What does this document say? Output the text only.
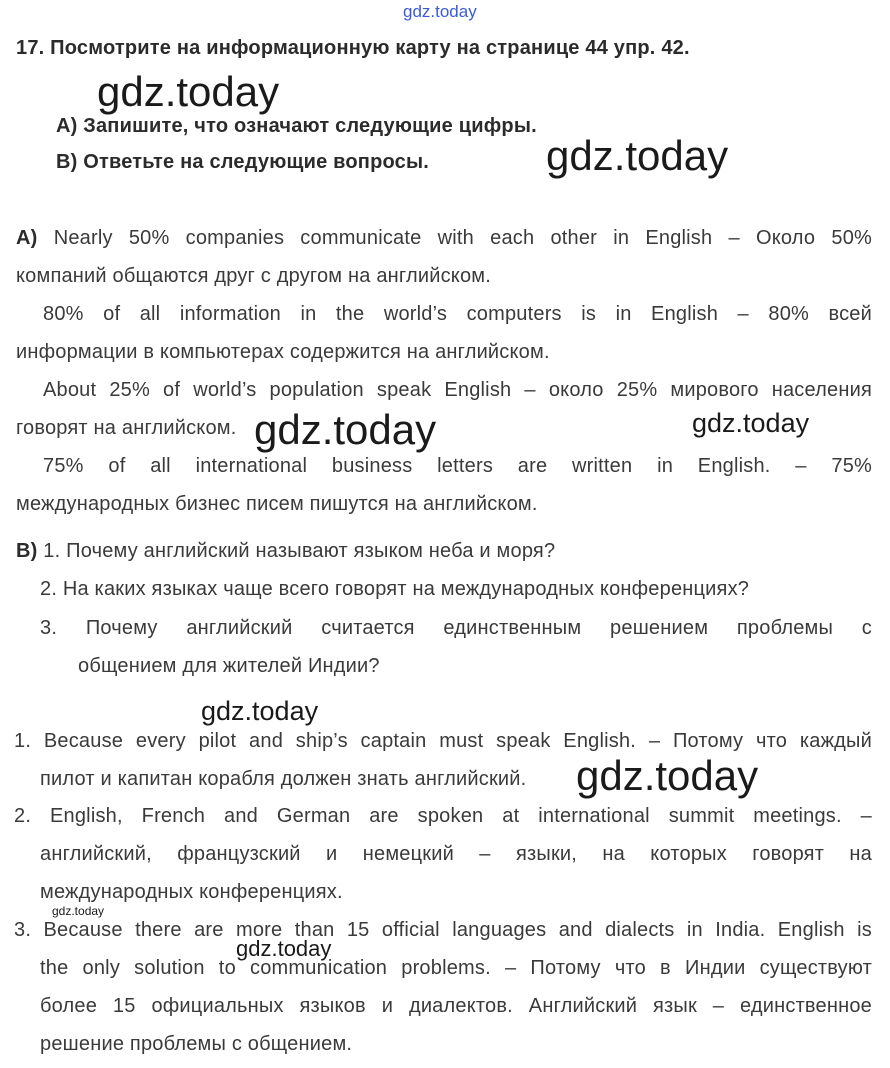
gdz.today
17. Посмотрите на информационную карту на странице 44 упр. 42.
A) Запишите, что означают следующие цифры.
B) Ответьте на следующие вопросы.
A) Nearly 50% companies communicate with each other in English – Около 50%
компаний общаются друг с другом на английском.
80% of all information in the world’s computers is in English – 80% всей
информации в компьютерах содержится на английском.
About 25% of world’s population speak English – около 25% мирового населения
говорят на английском.
75% of all international business letters are written in English. – 75%
международных бизнес писем пишутся на английском.
B) 1. Почему английский называют языком неба и моря?
2. На каких языках чаще всего говорят на международных конференциях?
3. Почему английский считается единственным решением проблемы с
общением для жителей Индии?
1. Because every pilot and ship’s captain must speak English. – Потому что каждый
пилот и капитан корабля должен знать английский.
2. English, French and German are spoken at international summit meetings. –
английский, французский и немецкий – языки, на которых говорят на
международных конференциях.
3. Because there are more than 15 official languages and dialects in India. English is
the only solution to communication problems. – Потому что в Индии существуют
более 15 официальных языков и диалектов. Английский язык – единственное
решение проблемы с общением.
gdz.today
gdz.today
gdz.today	gdz.today
gdz.today
gdz.today
gdz.today
gdz.today
